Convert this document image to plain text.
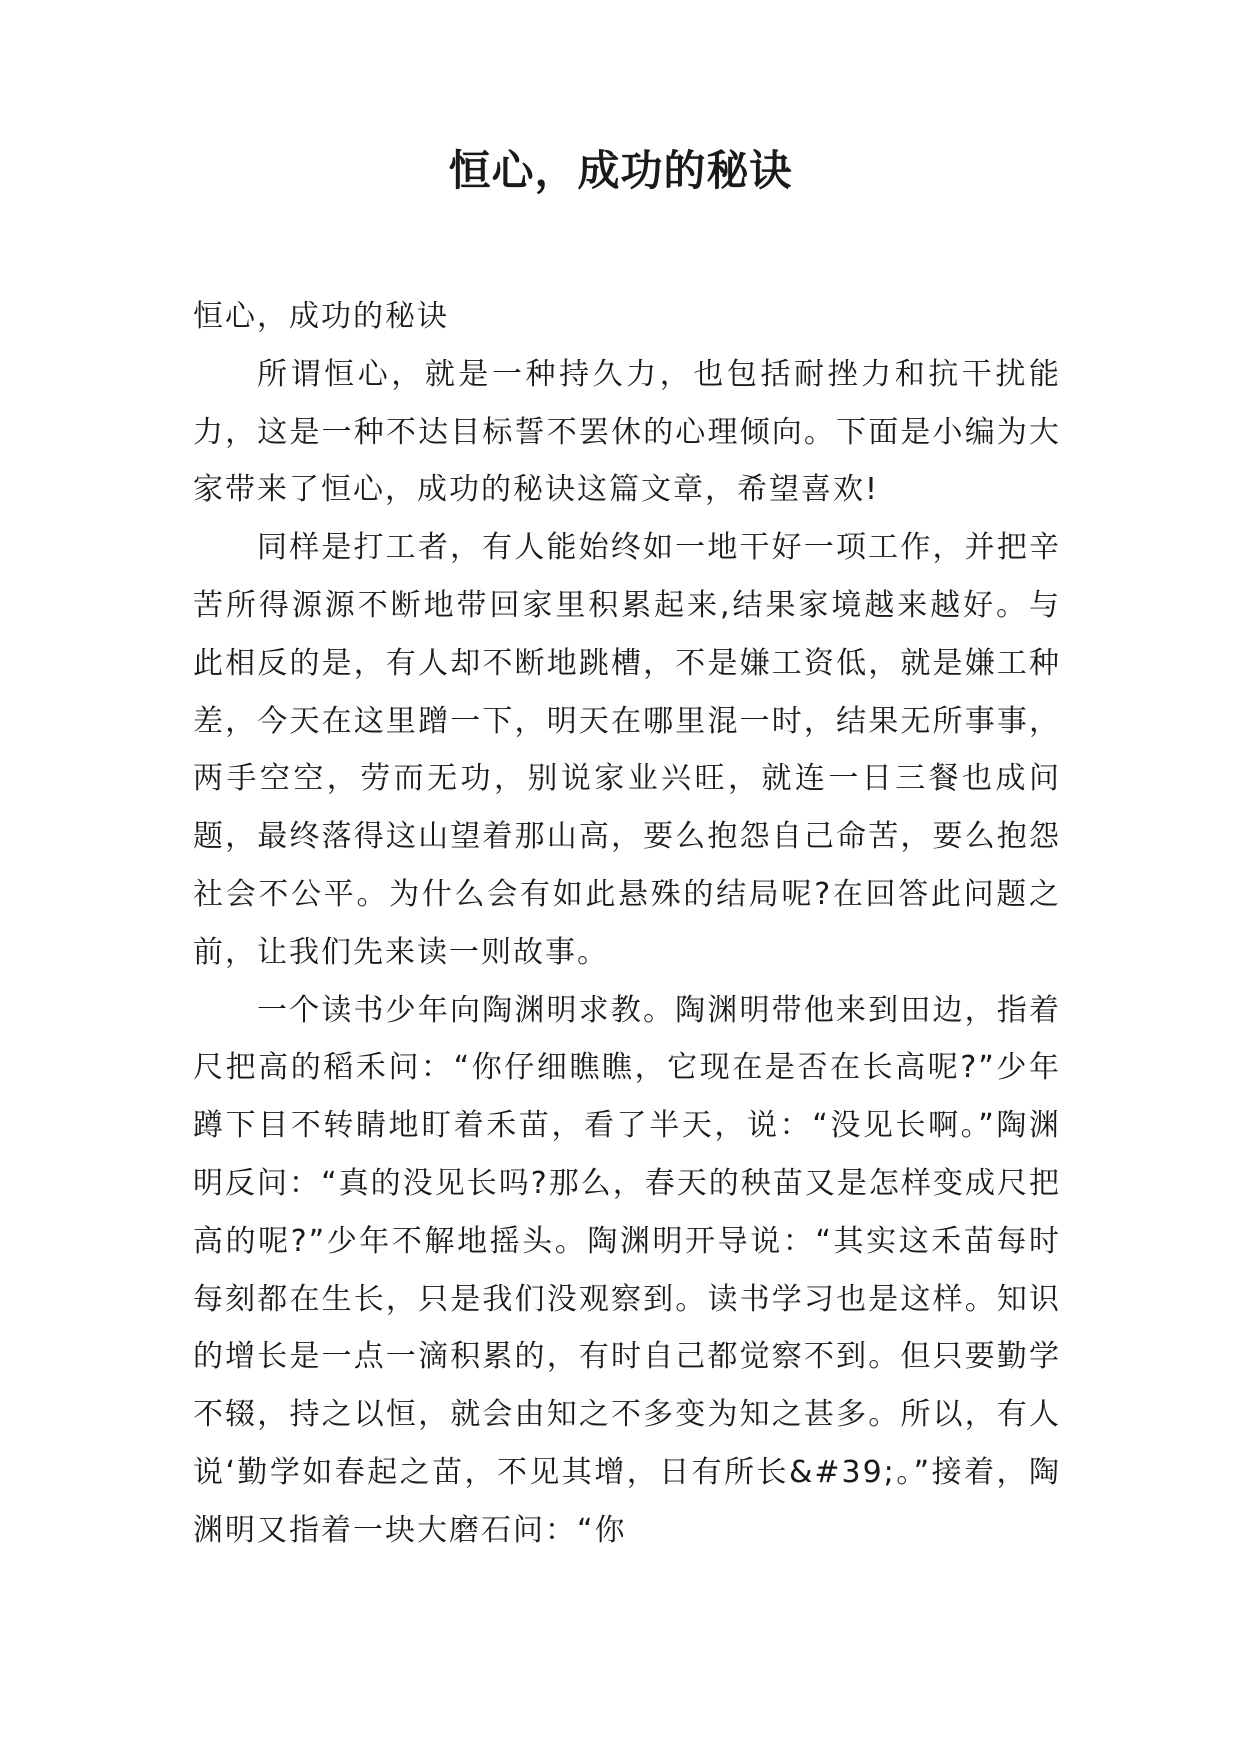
恒心，成功的秘诀

恒心，成功的秘诀

所谓恒心，就是一种持久力，也包括耐挫力和抗干扰能力，这是一种不达目标誓不罢休的心理倾向。下面是小编为大家带来了恒心，成功的秘诀这篇文章，希望喜欢!

同样是打工者，有人能始终如一地干好一项工作，并把辛苦所得源源不断地带回家里积累起来,结果家境越来越好。与此相反的是，有人却不断地跳槽，不是嫌工资低，就是嫌工种差，今天在这里蹭一下，明天在哪里混一时，结果无所事事，两手空空，劳而无功，别说家业兴旺，就连一日三餐也成问题，最终落得这山望着那山高，要么抱怨自己命苦，要么抱怨社会不公平。为什么会有如此悬殊的结局呢?在回答此问题之前，让我们先来读一则故事。

一个读书少年向陶渊明求教。陶渊明带他来到田边，指着尺把高的稻禾问：“你仔细瞧瞧，它现在是否在长高呢?”少年蹲下目不转睛地盯着禾苗，看了半天，说：“没见长啊。”陶渊明反问：“真的没见长吗?那么，春天的秧苗又是怎样变成尺把高的呢?”少年不解地摇头。陶渊明开导说：“其实这禾苗每时每刻都在生长，只是我们没观察到。读书学习也是这样。知识的增长是一点一滴积累的，有时自己都觉察不到。但只要勤学不辍，持之以恒，就会由知之不多变为知之甚多。所以，有人说‘勤学如春起之苗，不见其增，日有所长&#39;。”接着，陶渊明又指着一块大磨石问：“你
